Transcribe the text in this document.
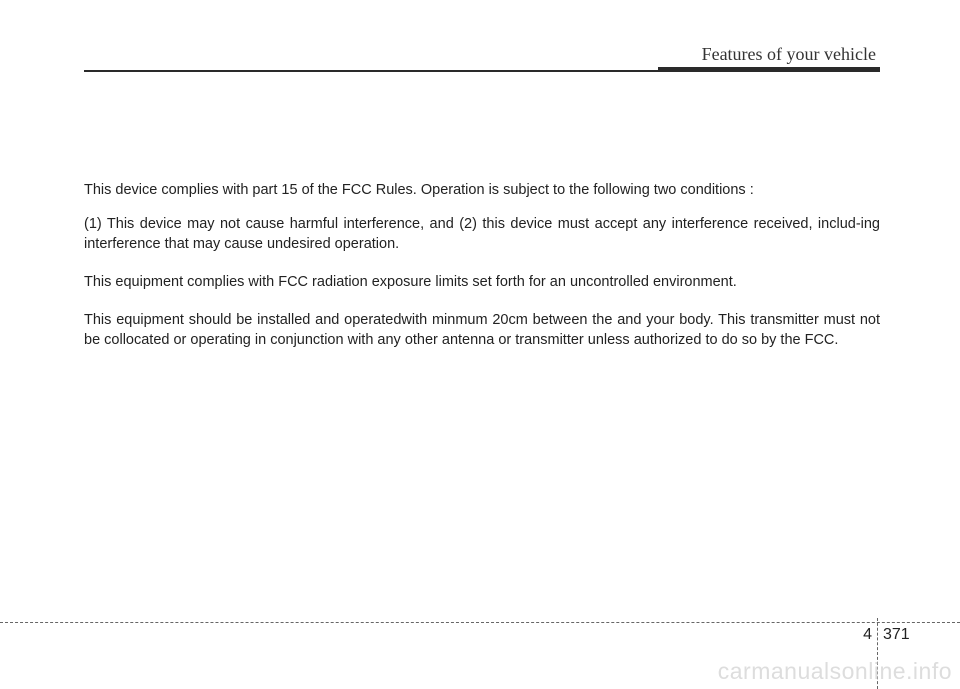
Features of your vehicle

This device complies with part 15 of the FCC Rules. Operation is subject to the following two conditions :

(1) This device may not cause harmful interference, and (2) this device must accept any interference received, includ-ing interference that may cause undesired operation.

This equipment complies with FCC radiation exposure limits set forth for an uncontrolled environment.

This equipment should be installed and operatedwith minmum 20cm between the and your body. This transmitter must not be collocated or operating in conjunction with any other antenna or transmitter unless authorized to do so by the FCC.

4 371
carmanualsonline.info
